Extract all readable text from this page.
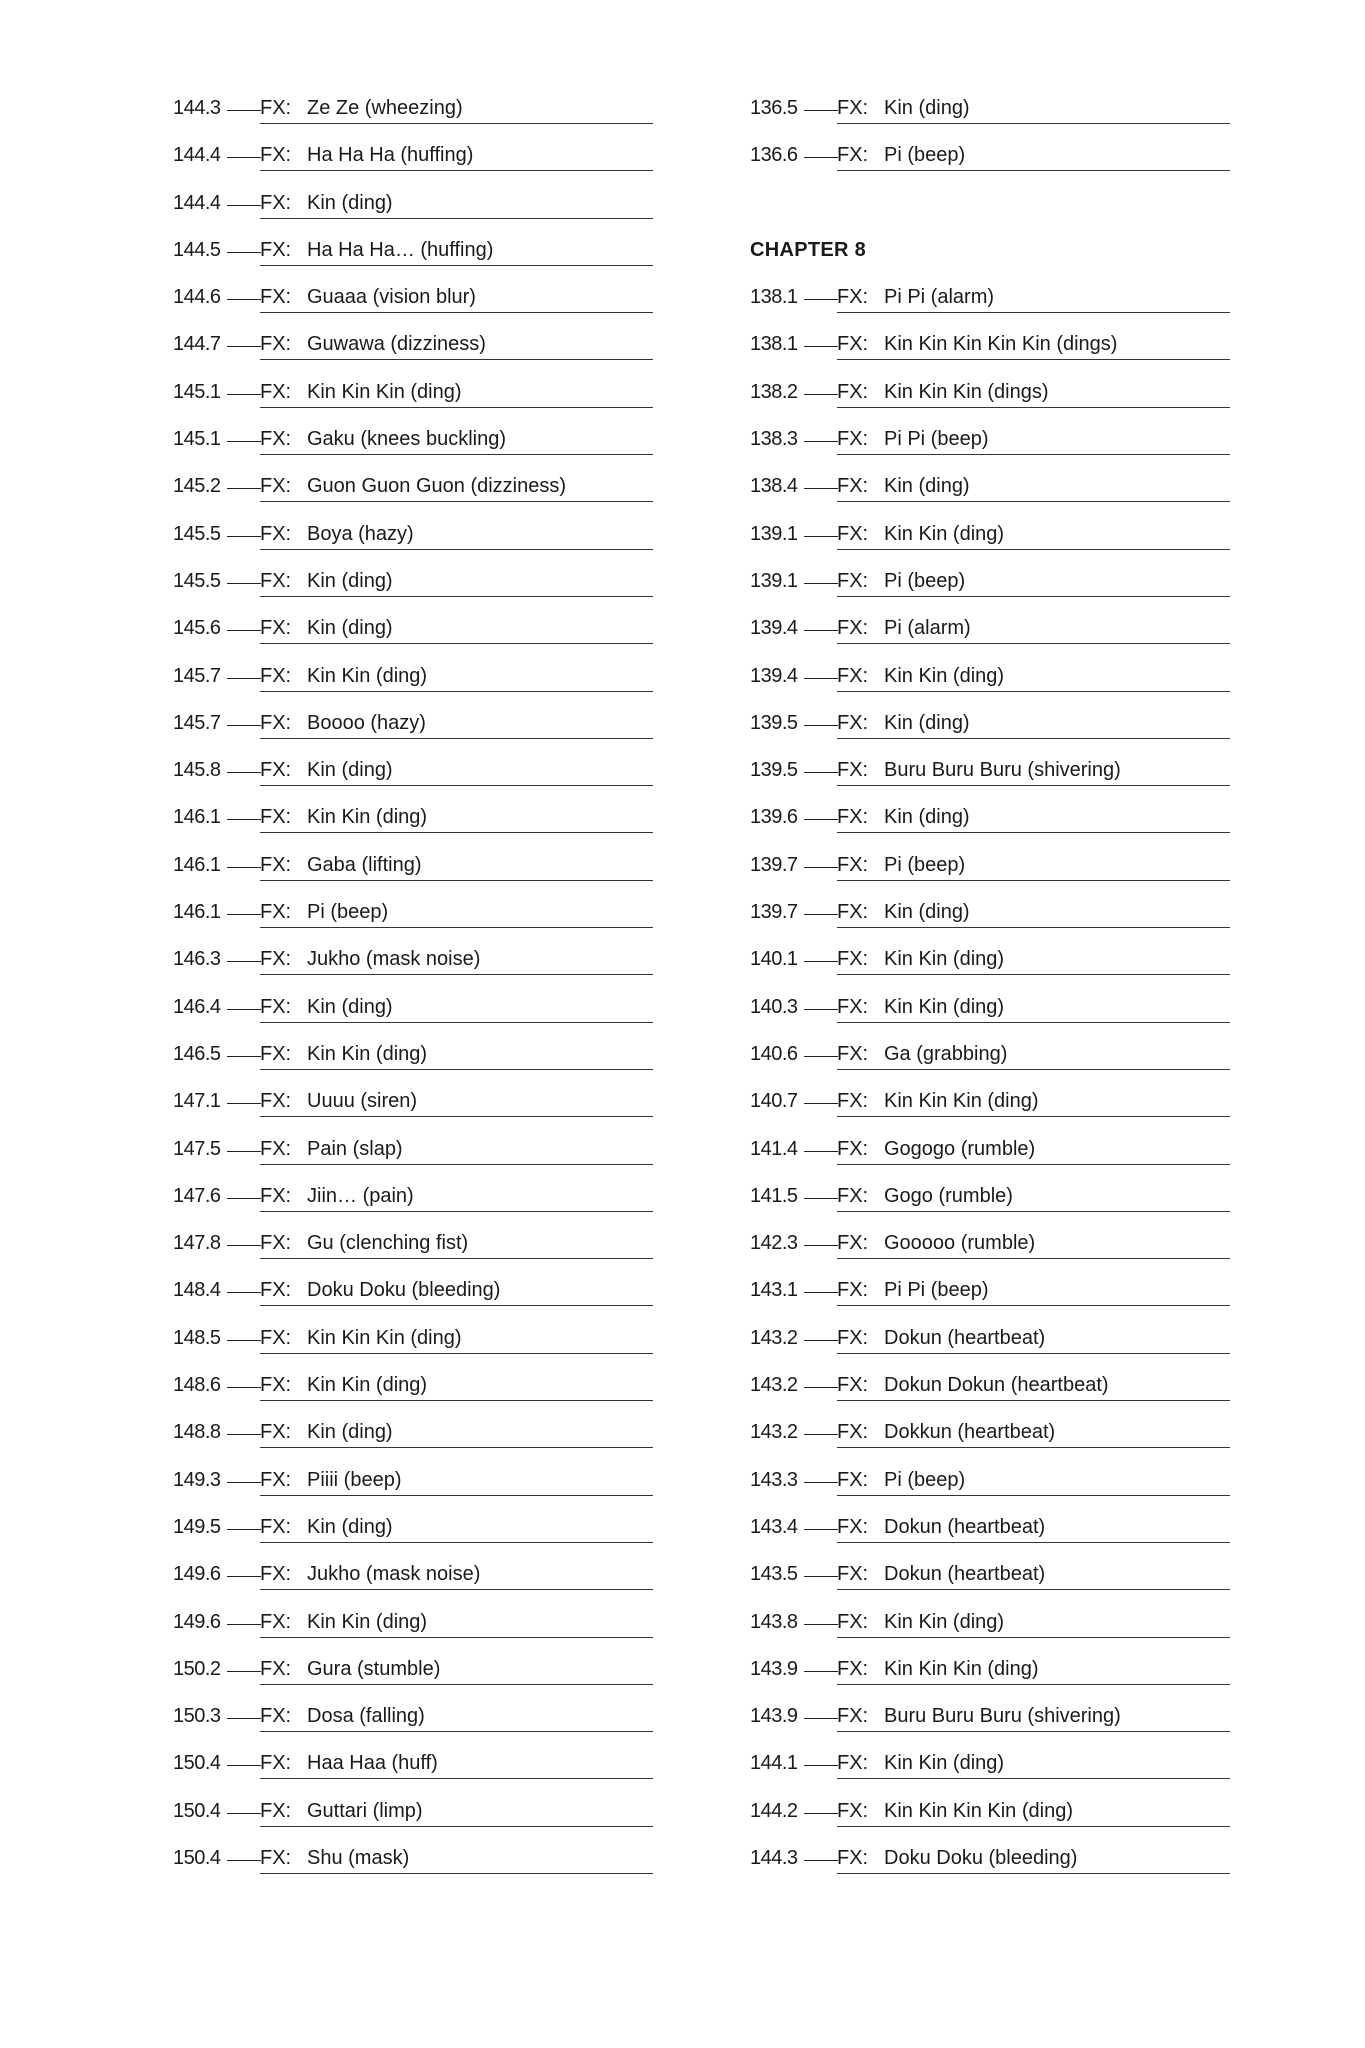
144.3 FX: Ze Ze (wheezing)
144.4 FX: Ha Ha Ha (huffing)
144.4 FX: Kin (ding)
144.5 FX: Ha Ha Ha… (huffing)
144.6 FX: Guaaa (vision blur)
144.7 FX: Guwawa (dizziness)
145.1 FX: Kin Kin Kin (ding)
145.1 FX: Gaku (knees buckling)
145.2 FX: Guon Guon Guon (dizziness)
145.5 FX: Boya (hazy)
145.5 FX: Kin (ding)
145.6 FX: Kin (ding)
145.7 FX: Kin Kin (ding)
145.7 FX: Boooo (hazy)
145.8 FX: Kin (ding)
146.1 FX: Kin Kin (ding)
146.1 FX: Gaba (lifting)
146.1 FX: Pi (beep)
146.3 FX: Jukho (mask noise)
146.4 FX: Kin (ding)
146.5 FX: Kin Kin (ding)
147.1 FX: Uuuu (siren)
147.5 FX: Pain (slap)
147.6 FX: Jiin… (pain)
147.8 FX: Gu (clenching fist)
148.4 FX: Doku Doku (bleeding)
148.5 FX: Kin Kin Kin (ding)
148.6 FX: Kin Kin (ding)
148.8 FX: Kin (ding)
149.3 FX: Piiii (beep)
149.5 FX: Kin (ding)
149.6 FX: Jukho (mask noise)
149.6 FX: Kin Kin (ding)
150.2 FX: Gura (stumble)
150.3 FX: Dosa (falling)
150.4 FX: Haa Haa (huff)
150.4 FX: Guttari (limp)
150.4 FX: Shu (mask)
136.5 FX: Kin (ding)
136.6 FX: Pi (beep)
CHAPTER 8
138.1 FX: Pi Pi (alarm)
138.1 FX: Kin Kin Kin Kin Kin (dings)
138.2 FX: Kin Kin Kin (dings)
138.3 FX: Pi Pi (beep)
138.4 FX: Kin (ding)
139.1 FX: Kin Kin (ding)
139.1 FX: Pi (beep)
139.4 FX: Pi (alarm)
139.4 FX: Kin Kin (ding)
139.5 FX: Kin (ding)
139.5 FX: Buru Buru Buru (shivering)
139.6 FX: Kin (ding)
139.7 FX: Pi (beep)
139.7 FX: Kin (ding)
140.1 FX: Kin Kin (ding)
140.3 FX: Kin Kin (ding)
140.6 FX: Ga (grabbing)
140.7 FX: Kin Kin Kin (ding)
141.4 FX: Gogogo (rumble)
141.5 FX: Gogo (rumble)
142.3 FX: Gooooo (rumble)
143.1 FX: Pi Pi (beep)
143.2 FX: Dokun (heartbeat)
143.2 FX: Dokun Dokun (heartbeat)
143.2 FX: Dokkun (heartbeat)
143.3 FX: Pi (beep)
143.4 FX: Dokun (heartbeat)
143.5 FX: Dokun (heartbeat)
143.8 FX: Kin Kin (ding)
143.9 FX: Kin Kin Kin (ding)
143.9 FX: Buru Buru Buru (shivering)
144.1 FX: Kin Kin (ding)
144.2 FX: Kin Kin Kin Kin (ding)
144.3 FX: Doku Doku (bleeding)
